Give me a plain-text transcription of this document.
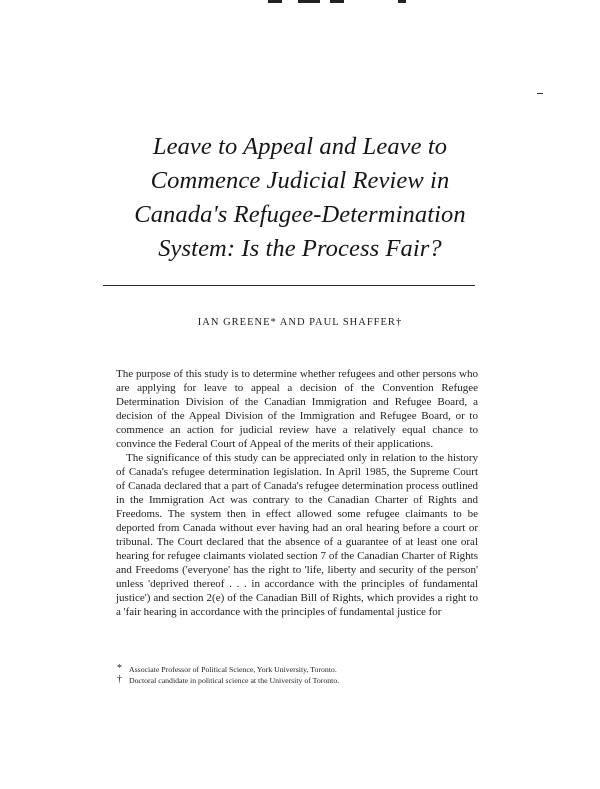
Leave to Appeal and Leave to
Commence Judicial Review in
Canada's Refugee-Determination
System: Is the Process Fair?
IAN GREENE* AND PAUL SHAFFER†

The purpose of this study is to determine whether refugees and other persons who are applying for leave to appeal a decision of the Convention Refugee Determination Division of the Canadian Immigration and Refugee Board, a decision of the Appeal Division of the Immigration and Refugee Board, or to commence an action for judicial review have a relatively equal chance to convince the Federal Court of Appeal of the merits of their applications.

The significance of this study can be appreciated only in relation to the history of Canada's refugee determination legislation. In April 1985, the Supreme Court of Canada declared that a part of Canada's refugee determination process outlined in the Immigration Act was contrary to the Canadian Charter of Rights and Freedoms. The system then in effect allowed some refugee claimants to be deported from Canada without ever having had an oral hearing before a court or tribunal. The Court declared that the absence of a guarantee of at least one oral hearing for refugee claimants violated section 7 of the Canadian Charter of Rights and Freedoms ('everyone' has the right to 'life, liberty and security of the person' unless 'deprived thereof . . . in accordance with the principles of fundamental justice') and section 2(e) of the Canadian Bill of Rights, which provides a right to a 'fair hearing in accordance with the principles of fundamental justice for

* Associate Professor of Political Science, York University, Toronto.
† Doctoral candidate in political science at the University of Toronto.
